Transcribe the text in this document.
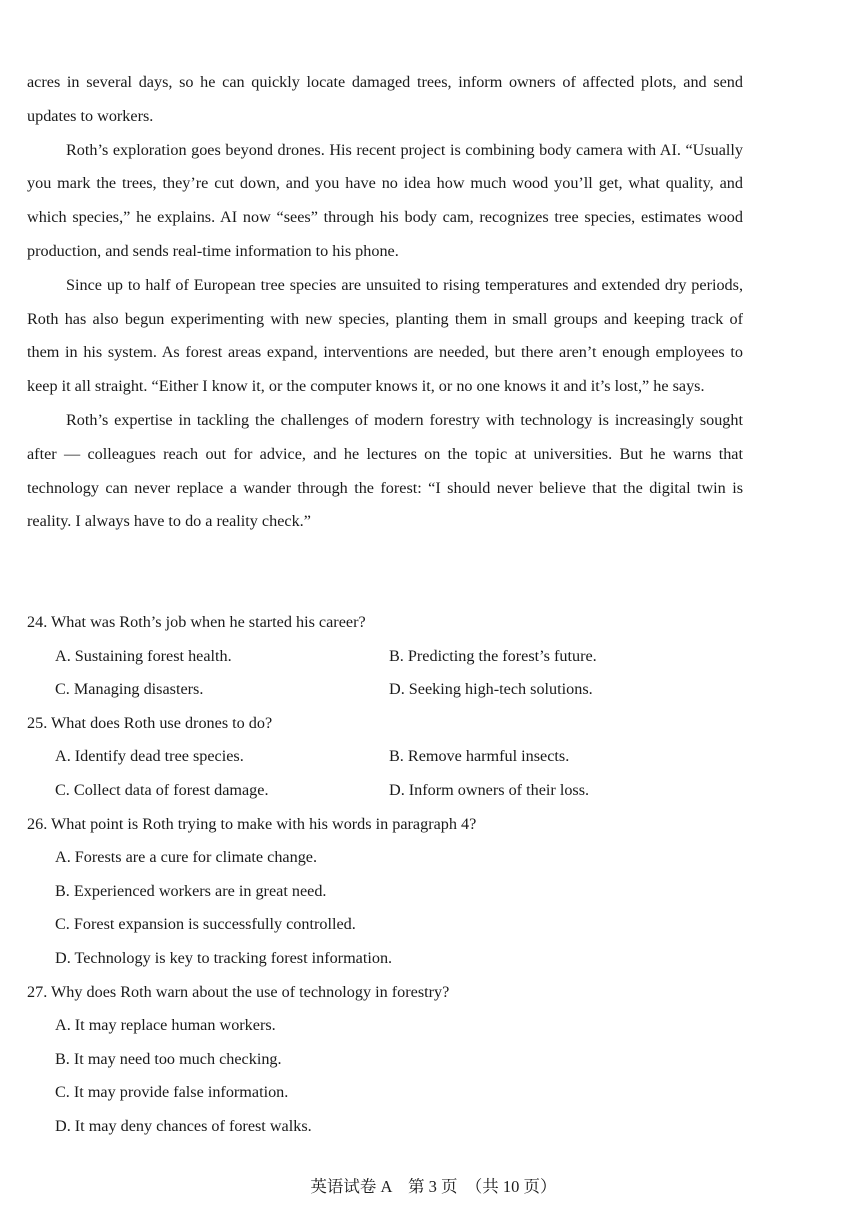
acres in several days, so he can quickly locate damaged trees, inform owners of affected plots, and send updates to workers.

Roth’s exploration goes beyond drones. His recent project is combining body camera with AI. “Usually you mark the trees, they’re cut down, and you have no idea how much wood you’ll get, what quality, and which species,” he explains. AI now “sees” through his body cam, recognizes tree species, estimates wood production, and sends real-time information to his phone.

Since up to half of European tree species are unsuited to rising temperatures and extended dry periods, Roth has also begun experimenting with new species, planting them in small groups and keeping track of them in his system. As forest areas expand, interventions are needed, but there aren’t enough employees to keep it all straight. “Either I know it, or the computer knows it, or no one knows it and it’s lost,” he says.

Roth’s expertise in tackling the challenges of modern forestry with technology is increasingly sought after — colleagues reach out for advice, and he lectures on the topic at universities. But he warns that technology can never replace a wander through the forest: “I should never believe that the digital twin is reality. I always have to do a reality check.”

24. What was Roth’s job when he started his career?

A. Sustaining forest health.	B. Predicting the forest’s future.
C. Managing disasters.	D. Seeking high-tech solutions.

25. What does Roth use drones to do?

A. Identify dead tree species.	B. Remove harmful insects.
C. Collect data of forest damage.	D. Inform owners of their loss.

26. What point is Roth trying to make with his words in paragraph 4?

A. Forests are a cure for climate change.
B. Experienced workers are in great need.
C. Forest expansion is successfully controlled.
D. Technology is key to tracking forest information.

27. Why does Roth warn about the use of technology in forestry?

A. It may replace human workers.
B. It may need too much checking.
C. It may provide false information.
D. It may deny chances of forest walks.
英语试卷 A　第 3 页　（共 10 页）
